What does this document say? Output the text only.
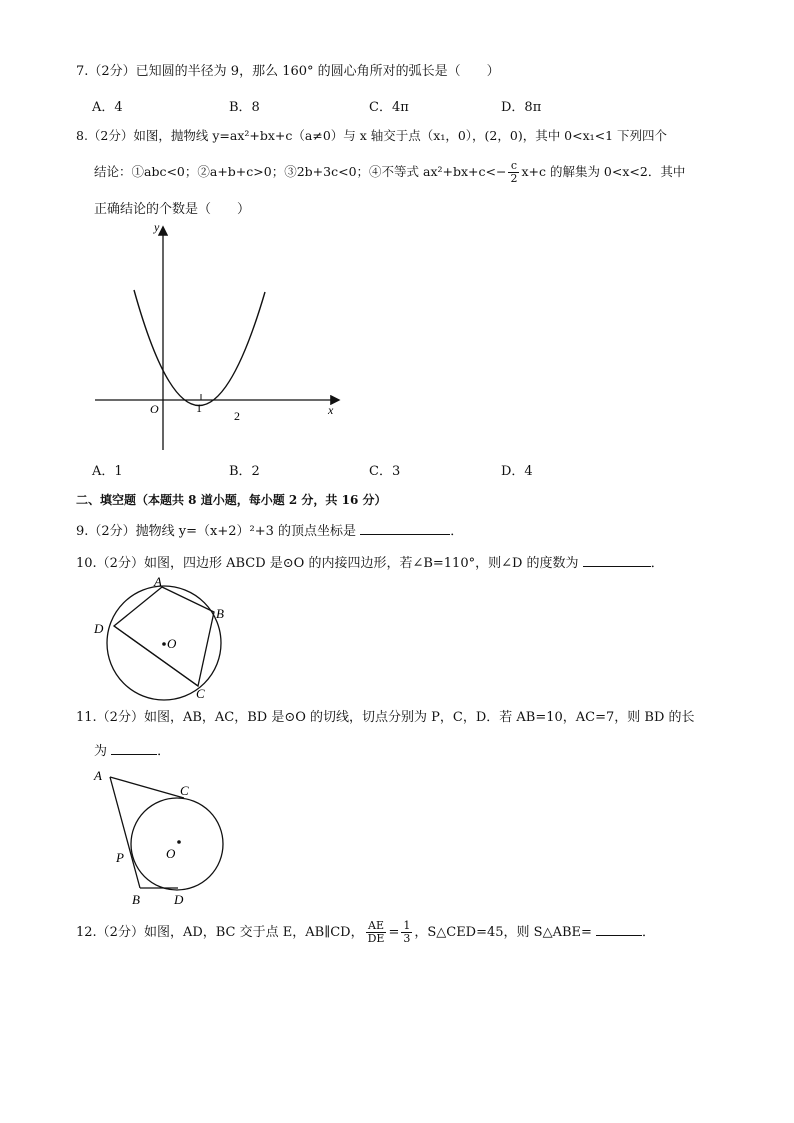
7.（2分）已知圆的半径为 9，那么 160° 的圆心角所对的弧长是（　　）
A．4	B．8	C．4π	D．8π
8.（2分）如图，抛物线 y=ax²+bx+c（a≠0）与 x 轴交于点（x₁，0），(2，0)，其中 0<x₁<1 下列四个
结论：①abc<0；②a+b+c>0；③2b+3c<0；④不等式 $ax^2+bx+c<- \frac{c}{2} x+c$ 的解集为 0<x<2．其中
正确结论的个数是（　　）
y
x
O	1
2
A．1	B．2	C．3	D．4
二、填空题（本题共 8 道小题，每小题 2 分，共 16 分）
9.（2分）抛物线 y=（x+2）²+3 的顶点坐标是	．
10.（2分）如图，四边形 ABCD 是⊙O 的内接四边形，若∠B=110°，则∠D 的度数为	．
A
B
C
D
O
11.（2分）如图，AB，AC，BD 是⊙O 的切线，切点分别为 P，C，D．若 AB=10，AC=7，则 BD 的长
为	．
A
C
P	O
B	D
12.（2分）如图，AD，BC 交于点 E，AB∥CD， $\frac{AE}{DE} = \frac{1}{3}$ ，S△CED=45，则 S△ABE=	．
